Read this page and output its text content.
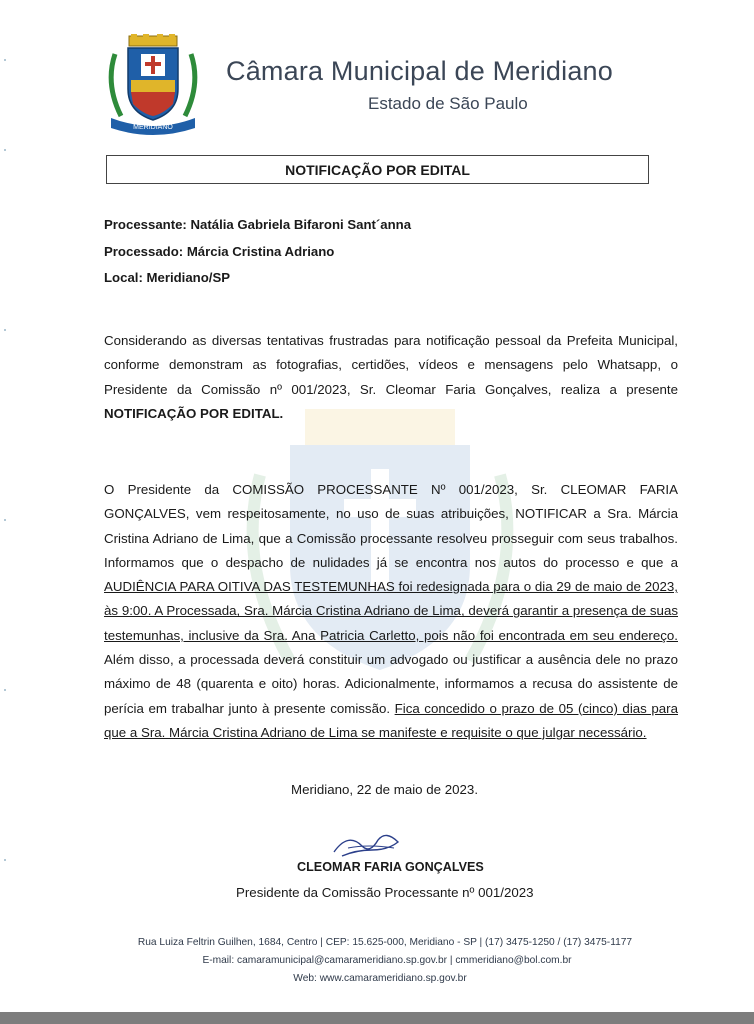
MERIDIANO
Câmara Municipal de Meridiano
Estado de São Paulo
NOTIFICAÇÃO POR EDITAL
Processante: Natália Gabriela Bifaroni Sant´anna
Processado: Márcia Cristina Adriano
Local: Meridiano/SP
Considerando as diversas tentativas frustradas para notificação pessoal da Prefeita Municipal, conforme demonstram as fotografias, certidões, vídeos e mensagens pelo Whatsapp, o Presidente da Comissão nº 001/2023, Sr. Cleomar Faria Gonçalves, realiza a presente NOTIFICAÇÃO POR EDITAL.
O Presidente da COMISSÃO PROCESSANTE Nº 001/2023, Sr. CLEOMAR FARIA GONÇALVES, vem respeitosamente, no uso de suas atribuições, NOTIFICAR a Sra. Márcia Cristina Adriano de Lima, que a Comissão processante resolveu prosseguir com seus trabalhos. Informamos que o despacho de nulidades já se encontra nos autos do processo e que a AUDIÊNCIA PARA OITIVA DAS TESTEMUNHAS foi redesignada para o dia 29 de maio de 2023, às 9:00. A Processada, Sra. Márcia Cristina Adriano de Lima, deverá garantir a presença de suas testemunhas, inclusive da Sra. Ana Patricia Carletto, pois não foi encontrada em seu endereço. Além disso, a processada deverá constituir um advogado ou justificar a ausência dele no prazo máximo de 48 (quarenta e oito) horas. Adicionalmente, informamos a recusa do assistente de perícia em trabalhar junto à presente comissão. Fica concedido o prazo de 05 (cinco) dias para que a Sra. Márcia Cristina Adriano de Lima se manifeste e requisite o que julgar necessário.
Meridiano, 22 de maio de 2023.
CLEOMAR FARIA GONÇALVES
Presidente da Comissão Processante nº 001/2023
Rua Luiza Feltrin Guilhen, 1684, Centro | CEP: 15.625-000, Meridiano - SP | (17) 3475-1250 / (17) 3475-1177
E-mail: camaramunicipal@camarameridiano.sp.gov.br | cmmeridiano@bol.com.br
Web: www.camarameridiano.sp.gov.br
